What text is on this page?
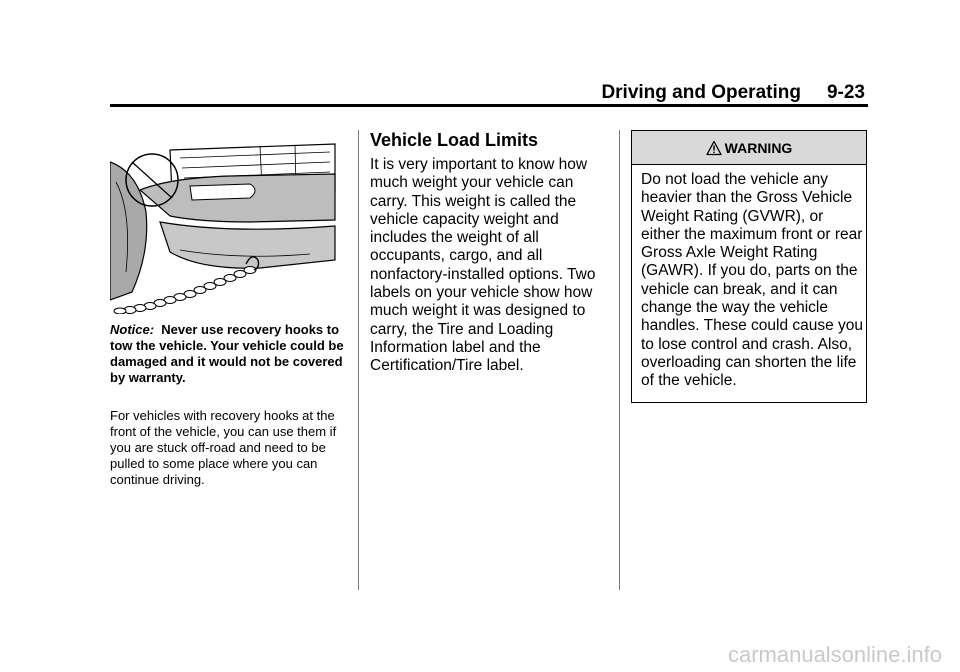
Driving and Operating 9-23

Notice: Never use recovery hooks to tow the vehicle. Your vehicle could be damaged and it would not be covered by warranty.

For vehicles with recovery hooks at the front of the vehicle, you can use them if you are stuck off-road and need to be pulled to some place where you can continue driving.

Vehicle Load Limits

It is very important to know how much weight your vehicle can carry. This weight is called the vehicle capacity weight and includes the weight of all occupants, cargo, and all nonfactory-installed options. Two labels on your vehicle show how much weight it was designed to carry, the Tire and Loading Information label and the Certification/Tire label.

WARNING

Do not load the vehicle any heavier than the Gross Vehicle Weight Rating (GVWR), or either the maximum front or rear Gross Axle Weight Rating (GAWR). If you do, parts on the vehicle can break, and it can change the way the vehicle handles. These could cause you to lose control and crash. Also, overloading can shorten the life of the vehicle.

carmanualsonline.info
